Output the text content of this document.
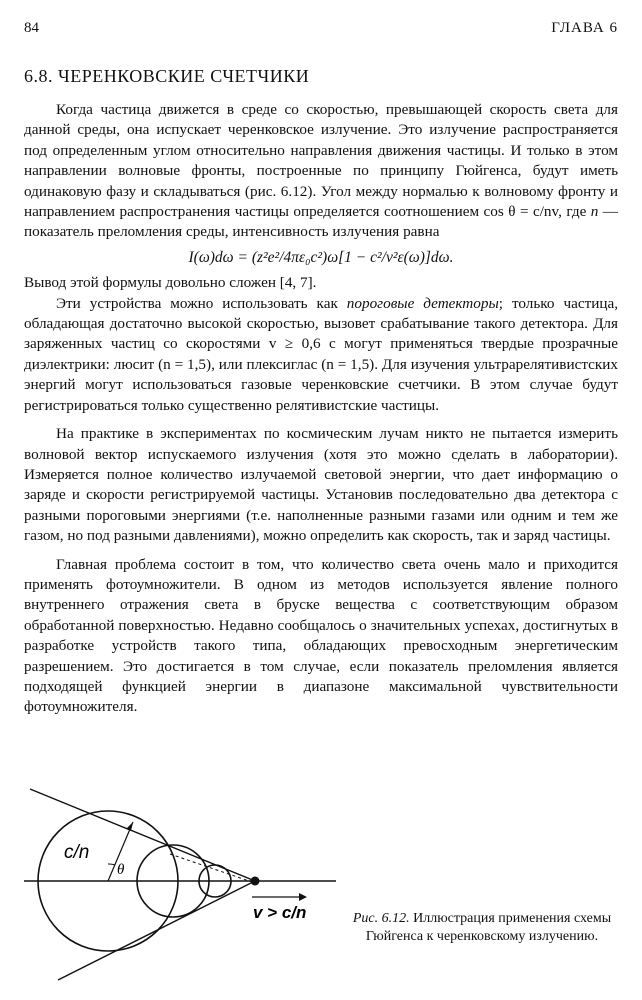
84	ГЛАВА 6
6.8. ЧЕРЕНКОВСКИЕ СЧЕТЧИКИ

Когда частица движется в среде со скоростью, превышающей скорость света для данной среды, она испускает черенковское излучение. Это излучение распространяется под определенным углом относительно направления движения частицы. И только в этом направлении волновые фронты, построенные по принципу Гюйгенса, будут иметь одинаковую фазу и складываться (рис. 6.12). Угол между нормалью к волновому фронту и направлением распространения частицы определяется соотношением cos θ = c/nv, где n — показатель преломления среды, интенсивность излучения равна

I(ω)dω = (z²e²/4πε₀c²)ω[1 − c²/v²ε(ω)]dω.

Вывод этой формулы довольно сложен [4, 7].

Эти устройства можно использовать как пороговые детекторы; только частица, обладающая достаточно высокой скоростью, вызовет срабатывание такого детектора. Для заряженных частиц со скоростями v ≥ 0,6 c могут применяться твердые прозрачные диэлектрики: люсит (n = 1,5), или плексиглас (n = 1,5). Для изучения ультрарелятивистских энергий могут использоваться газовые черенковские счетчики. В этом случае будут регистрироваться только существенно релятивистские частицы.

На практике в экспериментах по космическим лучам никто не пытается измерить волновой вектор испускаемого излучения (хотя это можно сделать в лаборатории). Измеряется полное количество излучаемой световой энергии, что дает информацию о заряде и скорости регистрируемой частицы. Установив последовательно два детектора с разными пороговыми энергиями (т.е. наполненные разными газами или одним и тем же газом, но под разными давлениями), можно определить как скорость, так и заряд частицы.

Главная проблема состоит в том, что количество света очень мало и приходится применять фотоумножители. В одном из методов используется явление полного внутреннего отражения света в бруске вещества с соответствующим образом обработанной поверхностью. Недавно сообщалось о значительных успехах, достигнутых в разработке устройств такого типа, обладающих превосходным энергетическим разрешением. Это достигается в том случае, если показатель преломления является подходящей функцией энергии в диапазоне максимальной чувствительности фотоумножителя.

c/n
θ
v > c/n	Рис. 6.12. Иллюстрация применения схемы Гюйгенса к черенковскому излучению.
